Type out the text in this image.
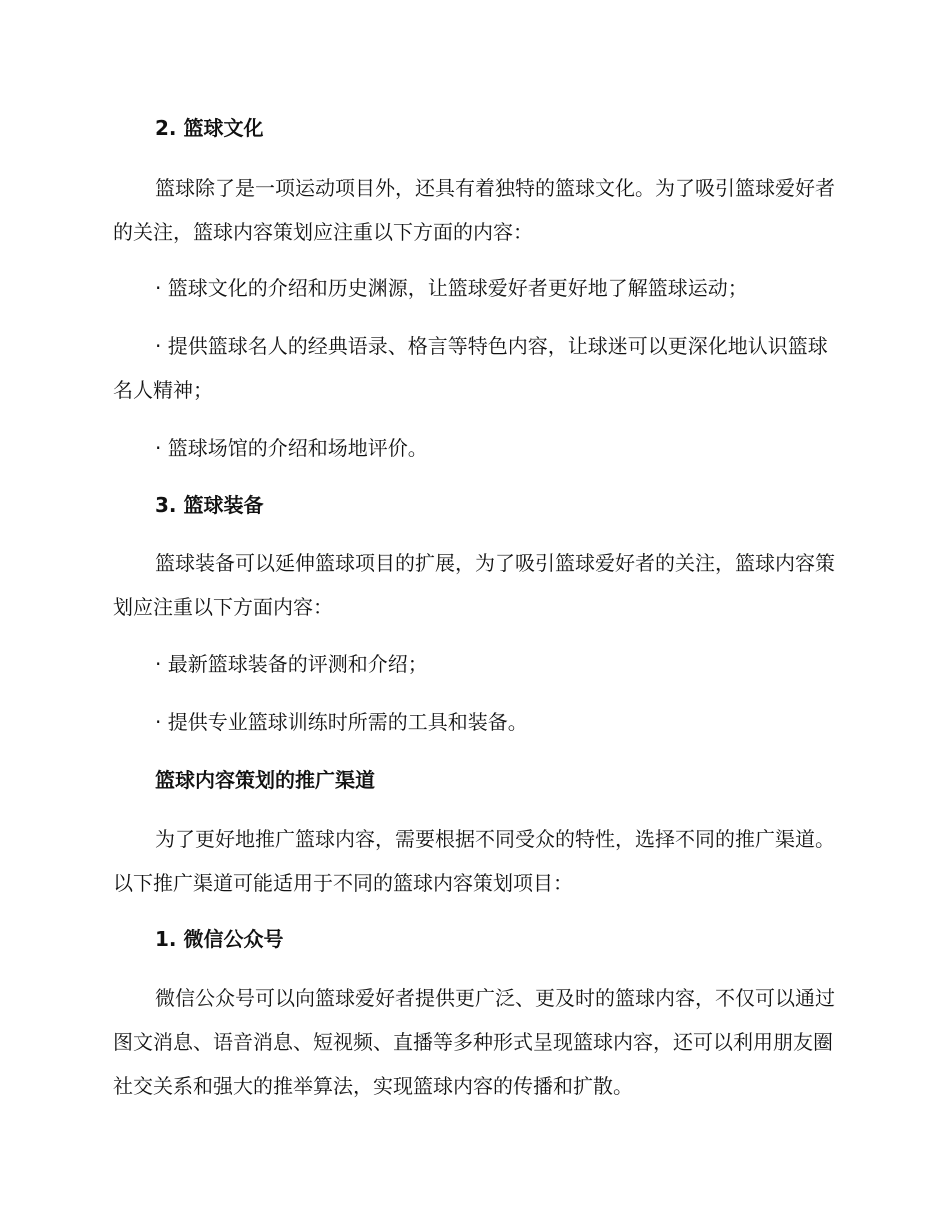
2. 篮球文化

篮球除了是一项运动项目外，还具有着独特的篮球文化。为了吸引篮球爱好者的关注，篮球内容策划应注重以下方面的内容：

· 篮球文化的介绍和历史渊源，让篮球爱好者更好地了解篮球运动；

· 提供篮球名人的经典语录、格言等特色内容，让球迷可以更深化地认识篮球名人精神；

· 篮球场馆的介绍和场地评价。

3. 篮球装备

篮球装备可以延伸篮球项目的扩展，为了吸引篮球爱好者的关注，篮球内容策划应注重以下方面内容：

· 最新篮球装备的评测和介绍；

· 提供专业篮球训练时所需的工具和装备。

篮球内容策划的推广渠道

为了更好地推广篮球内容，需要根据不同受众的特性，选择不同的推广渠道。以下推广渠道可能适用于不同的篮球内容策划项目：

1. 微信公众号

微信公众号可以向篮球爱好者提供更广泛、更及时的篮球内容，不仅可以通过图文消息、语音消息、短视频、直播等多种形式呈现篮球内容，还可以利用朋友圈社交关系和强大的推举算法，实现篮球内容的传播和扩散。
